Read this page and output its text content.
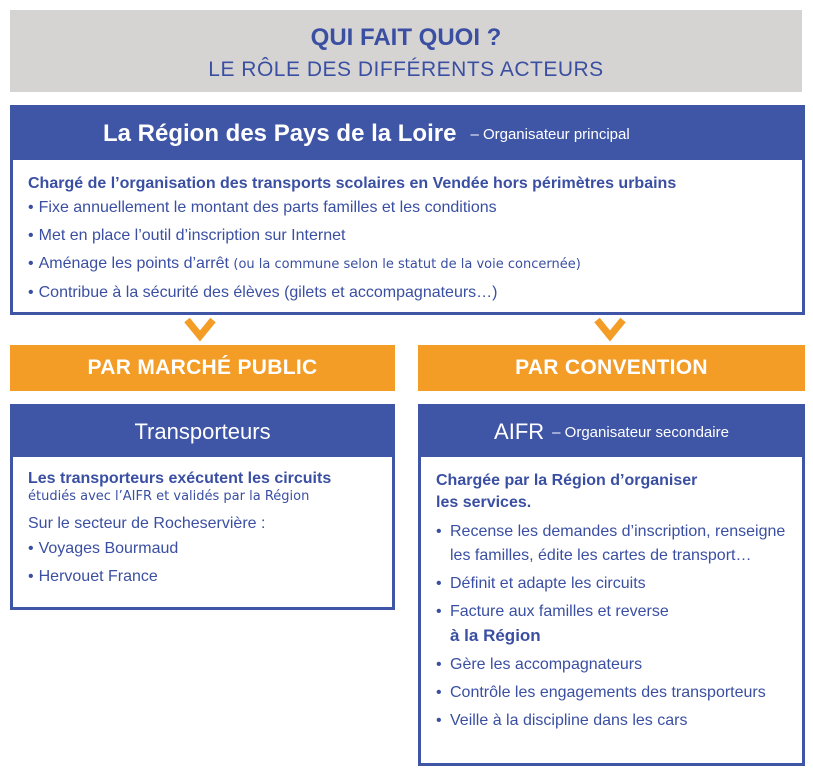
QUI FAIT QUOI ?
LE RÔLE DES DIFFÉRENTS ACTEURS
La Région des Pays de la Loire – Organisateur principal

Chargé de l’organisation des transports scolaires en Vendée hors périmètres urbains

• Fixe annuellement le montant des parts familles et les conditions
• Met en place l’outil d’inscription sur Internet
• Aménage les points d’arrêt (ou la commune selon le statut de la voie concernée)
• Contribue à la sécurité des élèves (gilets et accompagnateurs…)
PAR MARCHÉ PUBLIC	PAR CONVENTION
Transporteurs

Les transporteurs exécutent les circuits

étudiés avec l’AIFR et validés par la Région

Sur le secteur de Rocheservière :

• Voyages Bourmaud
• Hervouet France
AIFR – Organisateur secondaire

Chargée par la Région d’organiser
les services.

• Recense les demandes d’inscription, renseigne les familles, édite les cartes de transport…
• Définit et adapte les circuits
• Facture aux familles et reverse
à la Région
• Gère les accompagnateurs
• Contrôle les engagements des transporteurs
• Veille à la discipline dans les cars
